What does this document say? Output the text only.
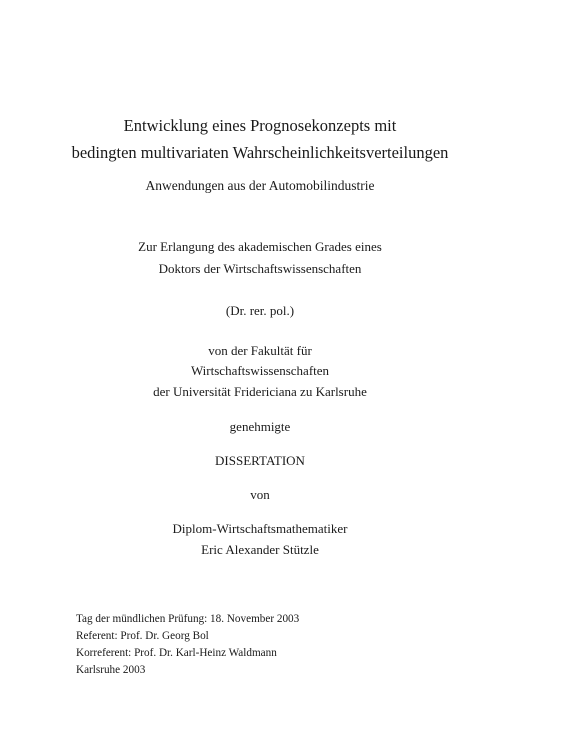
Entwicklung eines Prognosekonzepts mit
bedingten multivariaten Wahrscheinlichkeitsverteilungen
Anwendungen aus der Automobilindustrie
Zur Erlangung des akademischen Grades eines
Doktors der Wirtschaftswissenschaften
(Dr. rer. pol.)
von der Fakultät für
Wirtschaftswissenschaften
der Universität Fridericiana zu Karlsruhe
genehmigte
DISSERTATION
von
Diplom-Wirtschaftsmathematiker
Eric Alexander Stützle
Tag der mündlichen Prüfung: 18. November 2003
Referent: Prof. Dr. Georg Bol
Korreferent: Prof. Dr. Karl-Heinz Waldmann
Karlsruhe 2003
